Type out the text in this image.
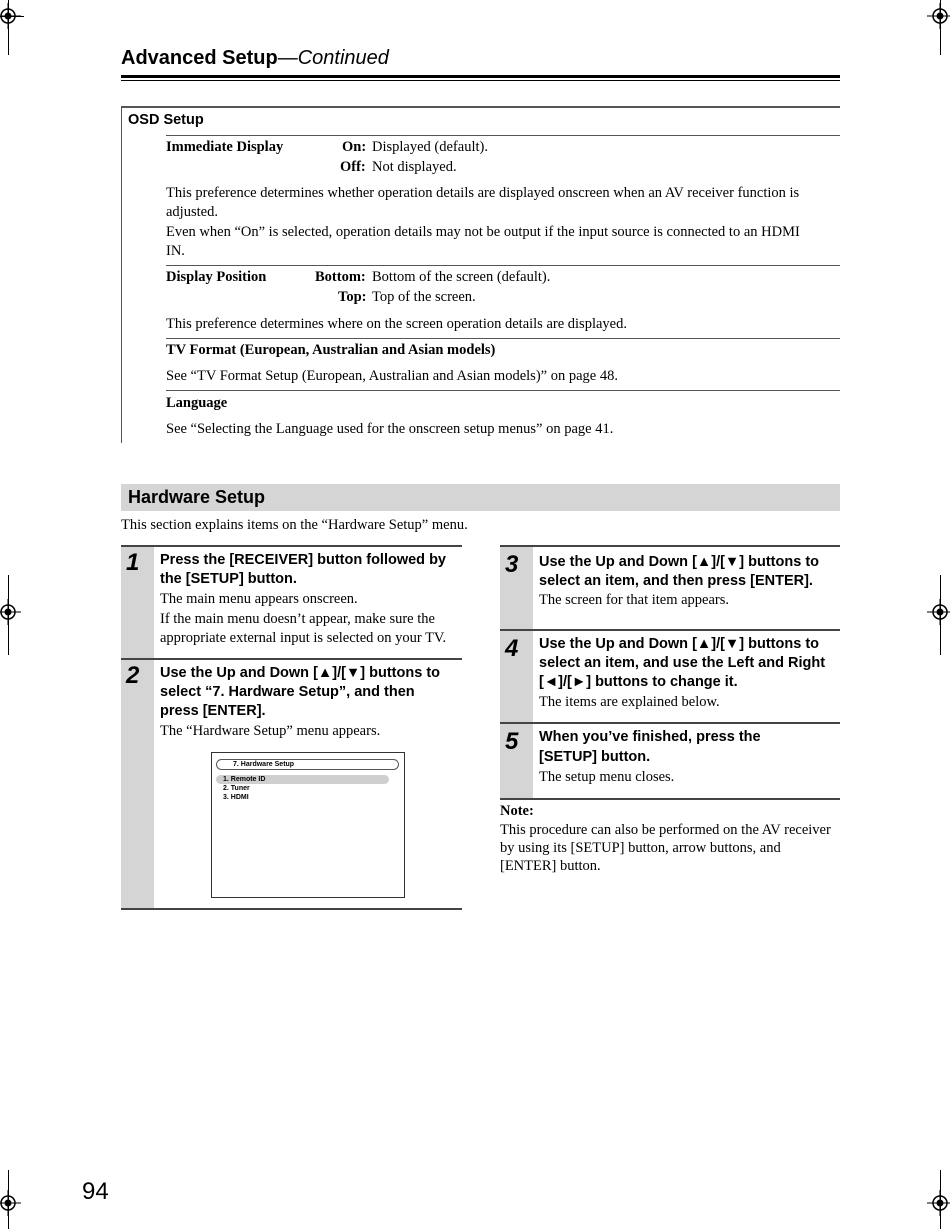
Advanced Setup—Continued
OSD Setup
Immediate Display	On: Displayed (default).
Off: Not displayed.
This preference determines whether operation details are displayed onscreen when an AV receiver function is
adjusted.
Even when “On” is selected, operation details may not be output if the input source is connected to an HDMI
IN.
Display Position	Bottom: Bottom of the screen (default).
Top: Top of the screen.
This preference determines where on the screen operation details are displayed.
TV Format (European, Australian and Asian models)
See “TV Format Setup (European, Australian and Asian models)” on page 48.
Language
See “Selecting the Language used for the onscreen setup menus” on page 41.
Hardware Setup
This section explains items on the “Hardware Setup” menu.
1 Press the [RECEIVER] button followed by
the [SETUP] button.
The main menu appears onscreen.
If the main menu doesn’t appear, make sure the
appropriate external input is selected on your TV.
2 Use the Up and Down [▲]/[▼] buttons to
select “7. Hardware Setup”, and then
press [ENTER].
The “Hardware Setup” menu appears.
7. Hardware Setup
1. Remote ID
2. Tuner
3. HDMI
3 Use the Up and Down [▲]/[▼] buttons to
select an item, and then press [ENTER].
The screen for that item appears.
4 Use the Up and Down [▲]/[▼] buttons to
select an item, and use the Left and Right
[◄]/[►] buttons to change it.
The items are explained below.
5 When you’ve finished, press the
[SETUP] button.
The setup menu closes.
Note:
This procedure can also be performed on the AV receiver
by using its [SETUP] button, arrow buttons, and
[ENTER] button.
94
